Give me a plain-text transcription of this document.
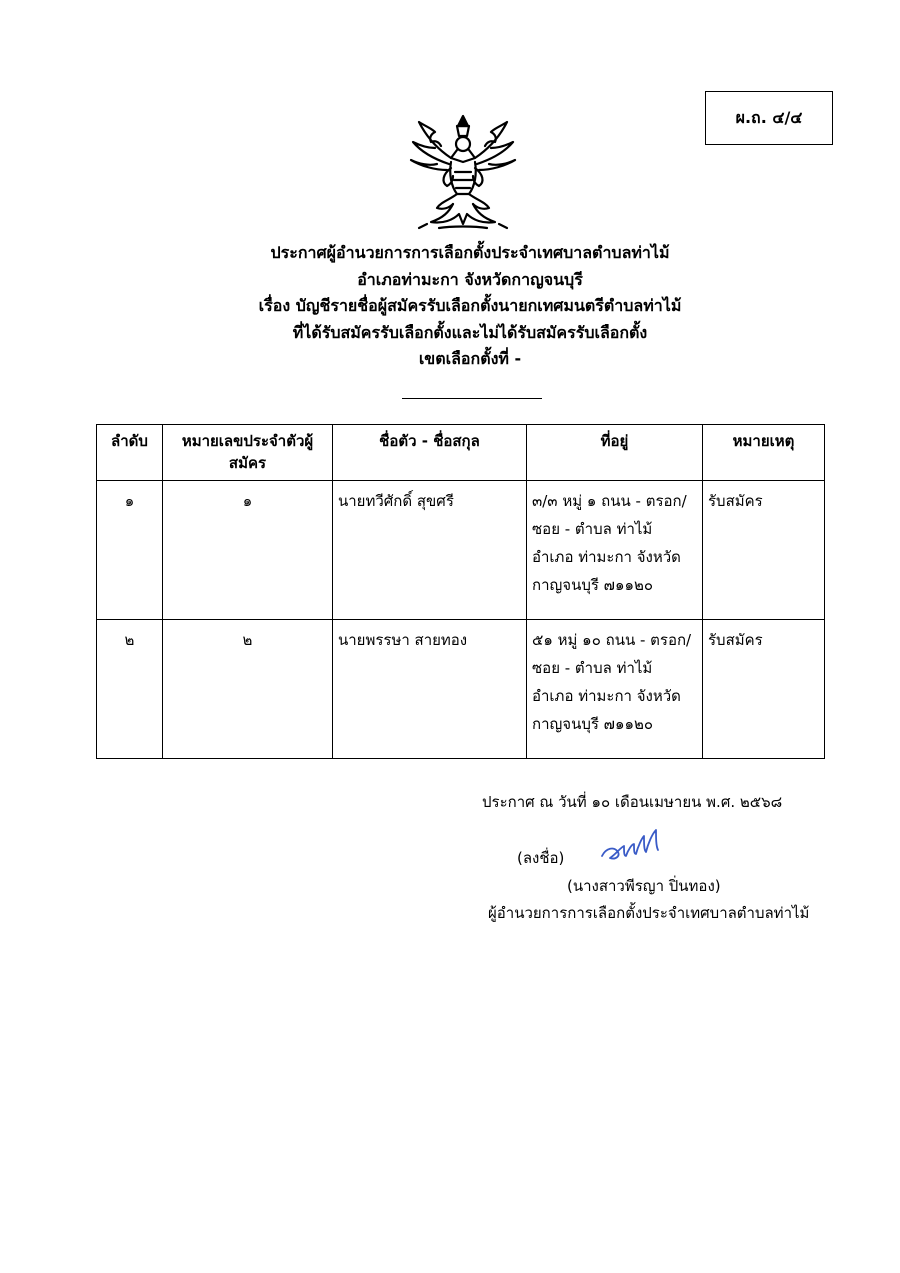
ผ.ถ. ๔/๔
ประกาศผู้อำนวยการการเลือกตั้งประจำเทศบาลตำบลท่าไม้
อำเภอท่ามะกา จังหวัดกาญจนบุรี
เรื่อง บัญชีรายชื่อผู้สมัครรับเลือกตั้งนายกเทศมนตรีตำบลท่าไม้
ที่ได้รับสมัครรับเลือกตั้งและไม่ได้รับสมัครรับเลือกตั้ง
เขตเลือกตั้งที่ -
ลำดับ	หมายเลขประจำตัวผู้สมัคร	ชื่อตัว - ชื่อสกุล	ที่อยู่	หมายเหตุ
๑	๑	นายทวีศักดิ์ สุขศรี	๓/๓ หมู่ ๑ ถนน - ตรอก/ซอย - ตำบล ท่าไม้ อำเภอ ท่ามะกา จังหวัด กาญจนบุรี ๗๑๑๒๐	รับสมัคร
๒	๒	นายพรรษา สายทอง	๕๑ หมู่ ๑๐ ถนน - ตรอก/ซอย - ตำบล ท่าไม้ อำเภอ ท่ามะกา จังหวัด กาญจนบุรี ๗๑๑๒๐	รับสมัคร
ประกาศ ณ วันที่ ๑๐ เดือนเมษายน พ.ศ. ๒๕๖๘
(ลงชื่อ)
(นางสาวพีรญา ปิ่นทอง)
ผู้อำนวยการการเลือกตั้งประจำเทศบาลตำบลท่าไม้
